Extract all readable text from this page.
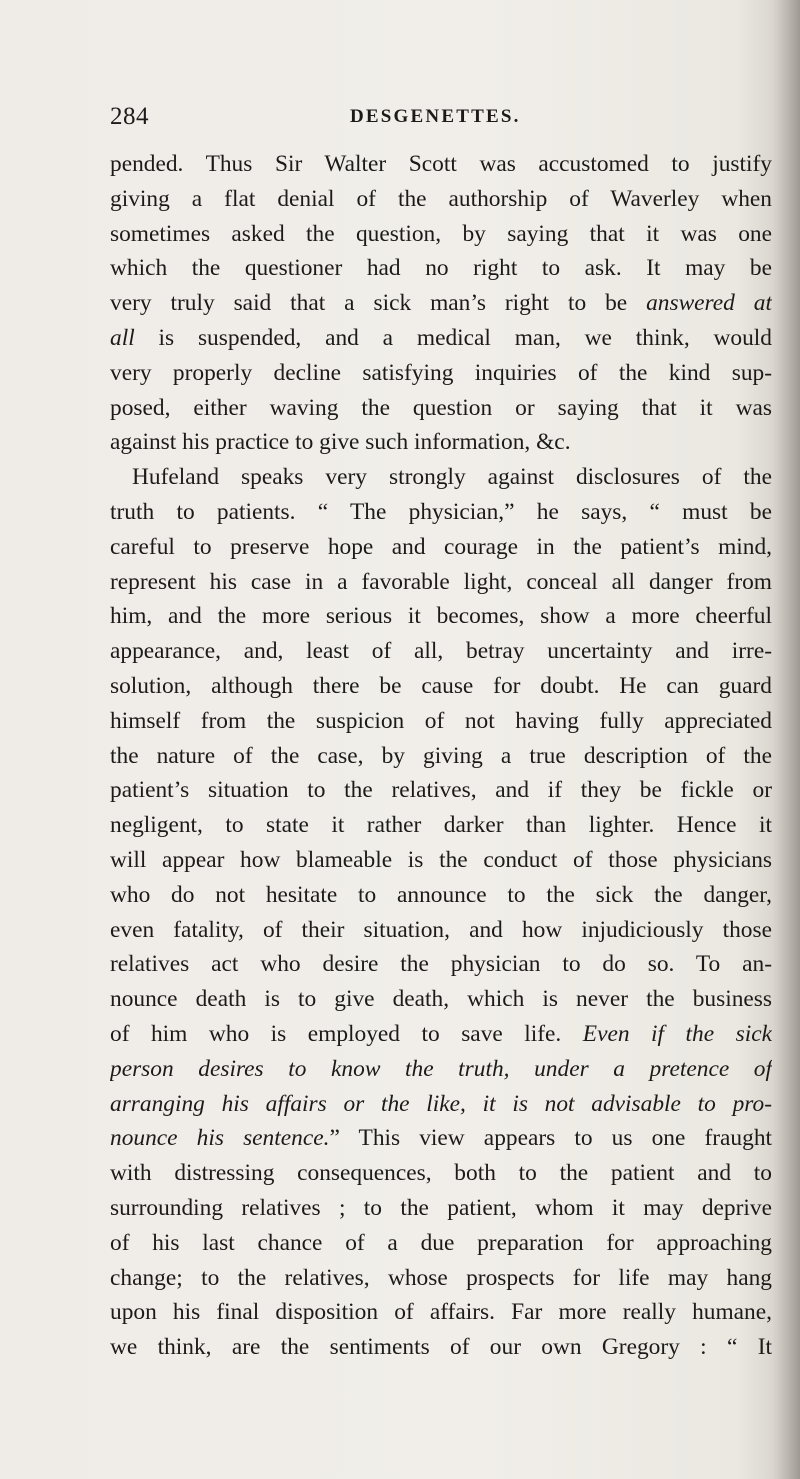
284	DESGENETTES.
pended. Thus Sir Walter Scott was accustomed to justify
giving a flat denial of the authorship of Waverley when
sometimes asked the question, by saying that it was one
which the questioner had no right to ask. It may be
very truly said that a sick man’s right to be answered at
all is suspended, and a medical man, we think, would
very properly decline satisfying inquiries of the kind sup-
posed, either waving the question or saying that it was
against his practice to give such information, &c.
Hufeland speaks very strongly against disclosures of the
truth to patients. “ The physician,” he says, “ must be
careful to preserve hope and courage in the patient’s mind,
represent his case in a favorable light, conceal all danger from
him, and the more serious it becomes, show a more cheerful
appearance, and, least of all, betray uncertainty and irre-
solution, although there be cause for doubt. He can guard
himself from the suspicion of not having fully appreciated
the nature of the case, by giving a true description of the
patient’s situation to the relatives, and if they be fickle or
negligent, to state it rather darker than lighter. Hence it
will appear how blameable is the conduct of those physicians
who do not hesitate to announce to the sick the danger,
even fatality, of their situation, and how injudiciously those
relatives act who desire the physician to do so. To an-
nounce death is to give death, which is never the business
of him who is employed to save life. Even if the sick
person desires to know the truth, under a pretence of
arranging his affairs or the like, it is not advisable to pro-
nounce his sentence.” This view appears to us one fraught
with distressing consequences, both to the patient and to
surrounding relatives ; to the patient, whom it may deprive
of his last chance of a due preparation for approaching
change; to the relatives, whose prospects for life may hang
upon his final disposition of affairs. Far more really humane,
we think, are the sentiments of our own Gregory : “ It
